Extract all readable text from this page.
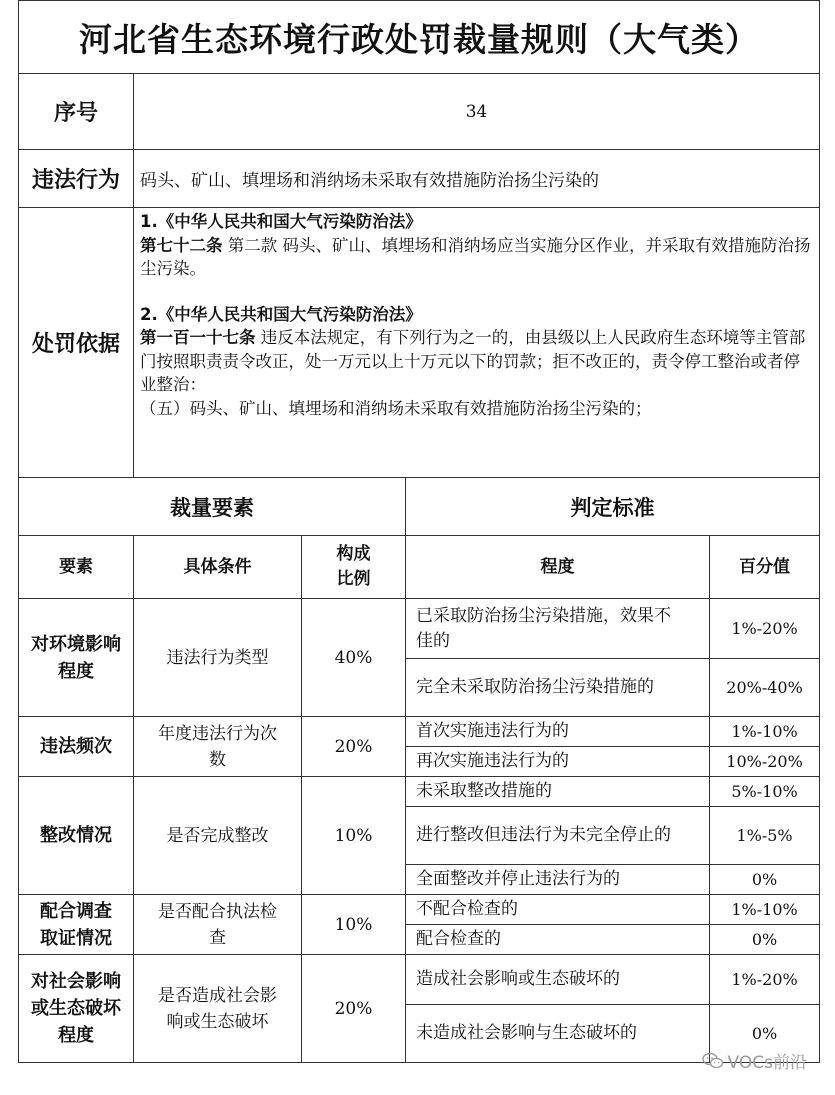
河北省生态环境行政处罚裁量规则（大气类）				
序号	34			
违法行为	码头、矿山、填埋场和消纳场未采取有效措施防治扬尘污染的			
处罚依据	1.《中华人民共和国大气污染防治法》

第七十二条 第二款 码头、矿山、填埋场和消纳场应当实施分区作业，并采取有效措施防治扬尘污染。

2.《中华人民共和国大气污染防治法》

第一百一十七条 违反本法规定，有下列行为之一的，由县级以上人民政府生态环境等主管部门按照职责责令改正，处一万元以上十万元以下的罚款；拒不改正的，责令停工整治或者停业整治：

（五）码头、矿山、填埋场和消纳场未采取有效措施防治扬尘污染的；			

裁量要素			判定标准	
要素	具体条件	构成比例	程度	百分值
对环境影响程度	违法行为类型	40%	已采取防治扬尘污染措施，效果不佳的	1%-20%
			完全未采取防治扬尘污染措施的	20%-40%
违法频次	年度违法行为次数	20%	首次实施违法行为的	1%-10%
			再次实施违法行为的	10%-20%
整改情况	是否完成整改	10%	未采取整改措施的	5%-10%
			进行整改但违法行为未完全停止的	1%-5%
			全面整改并停止违法行为的	0%
配合调查取证情况	是否配合执法检查	10%	不配合检查的	1%-10%
			配合检查的	0%
对社会影响或生态破坏程度	是否造成社会影响或生态破坏	20%	造成社会影响或生态破坏的	1%-20%
			未造成社会影响与生态破坏的	0%
VOCs前沿
